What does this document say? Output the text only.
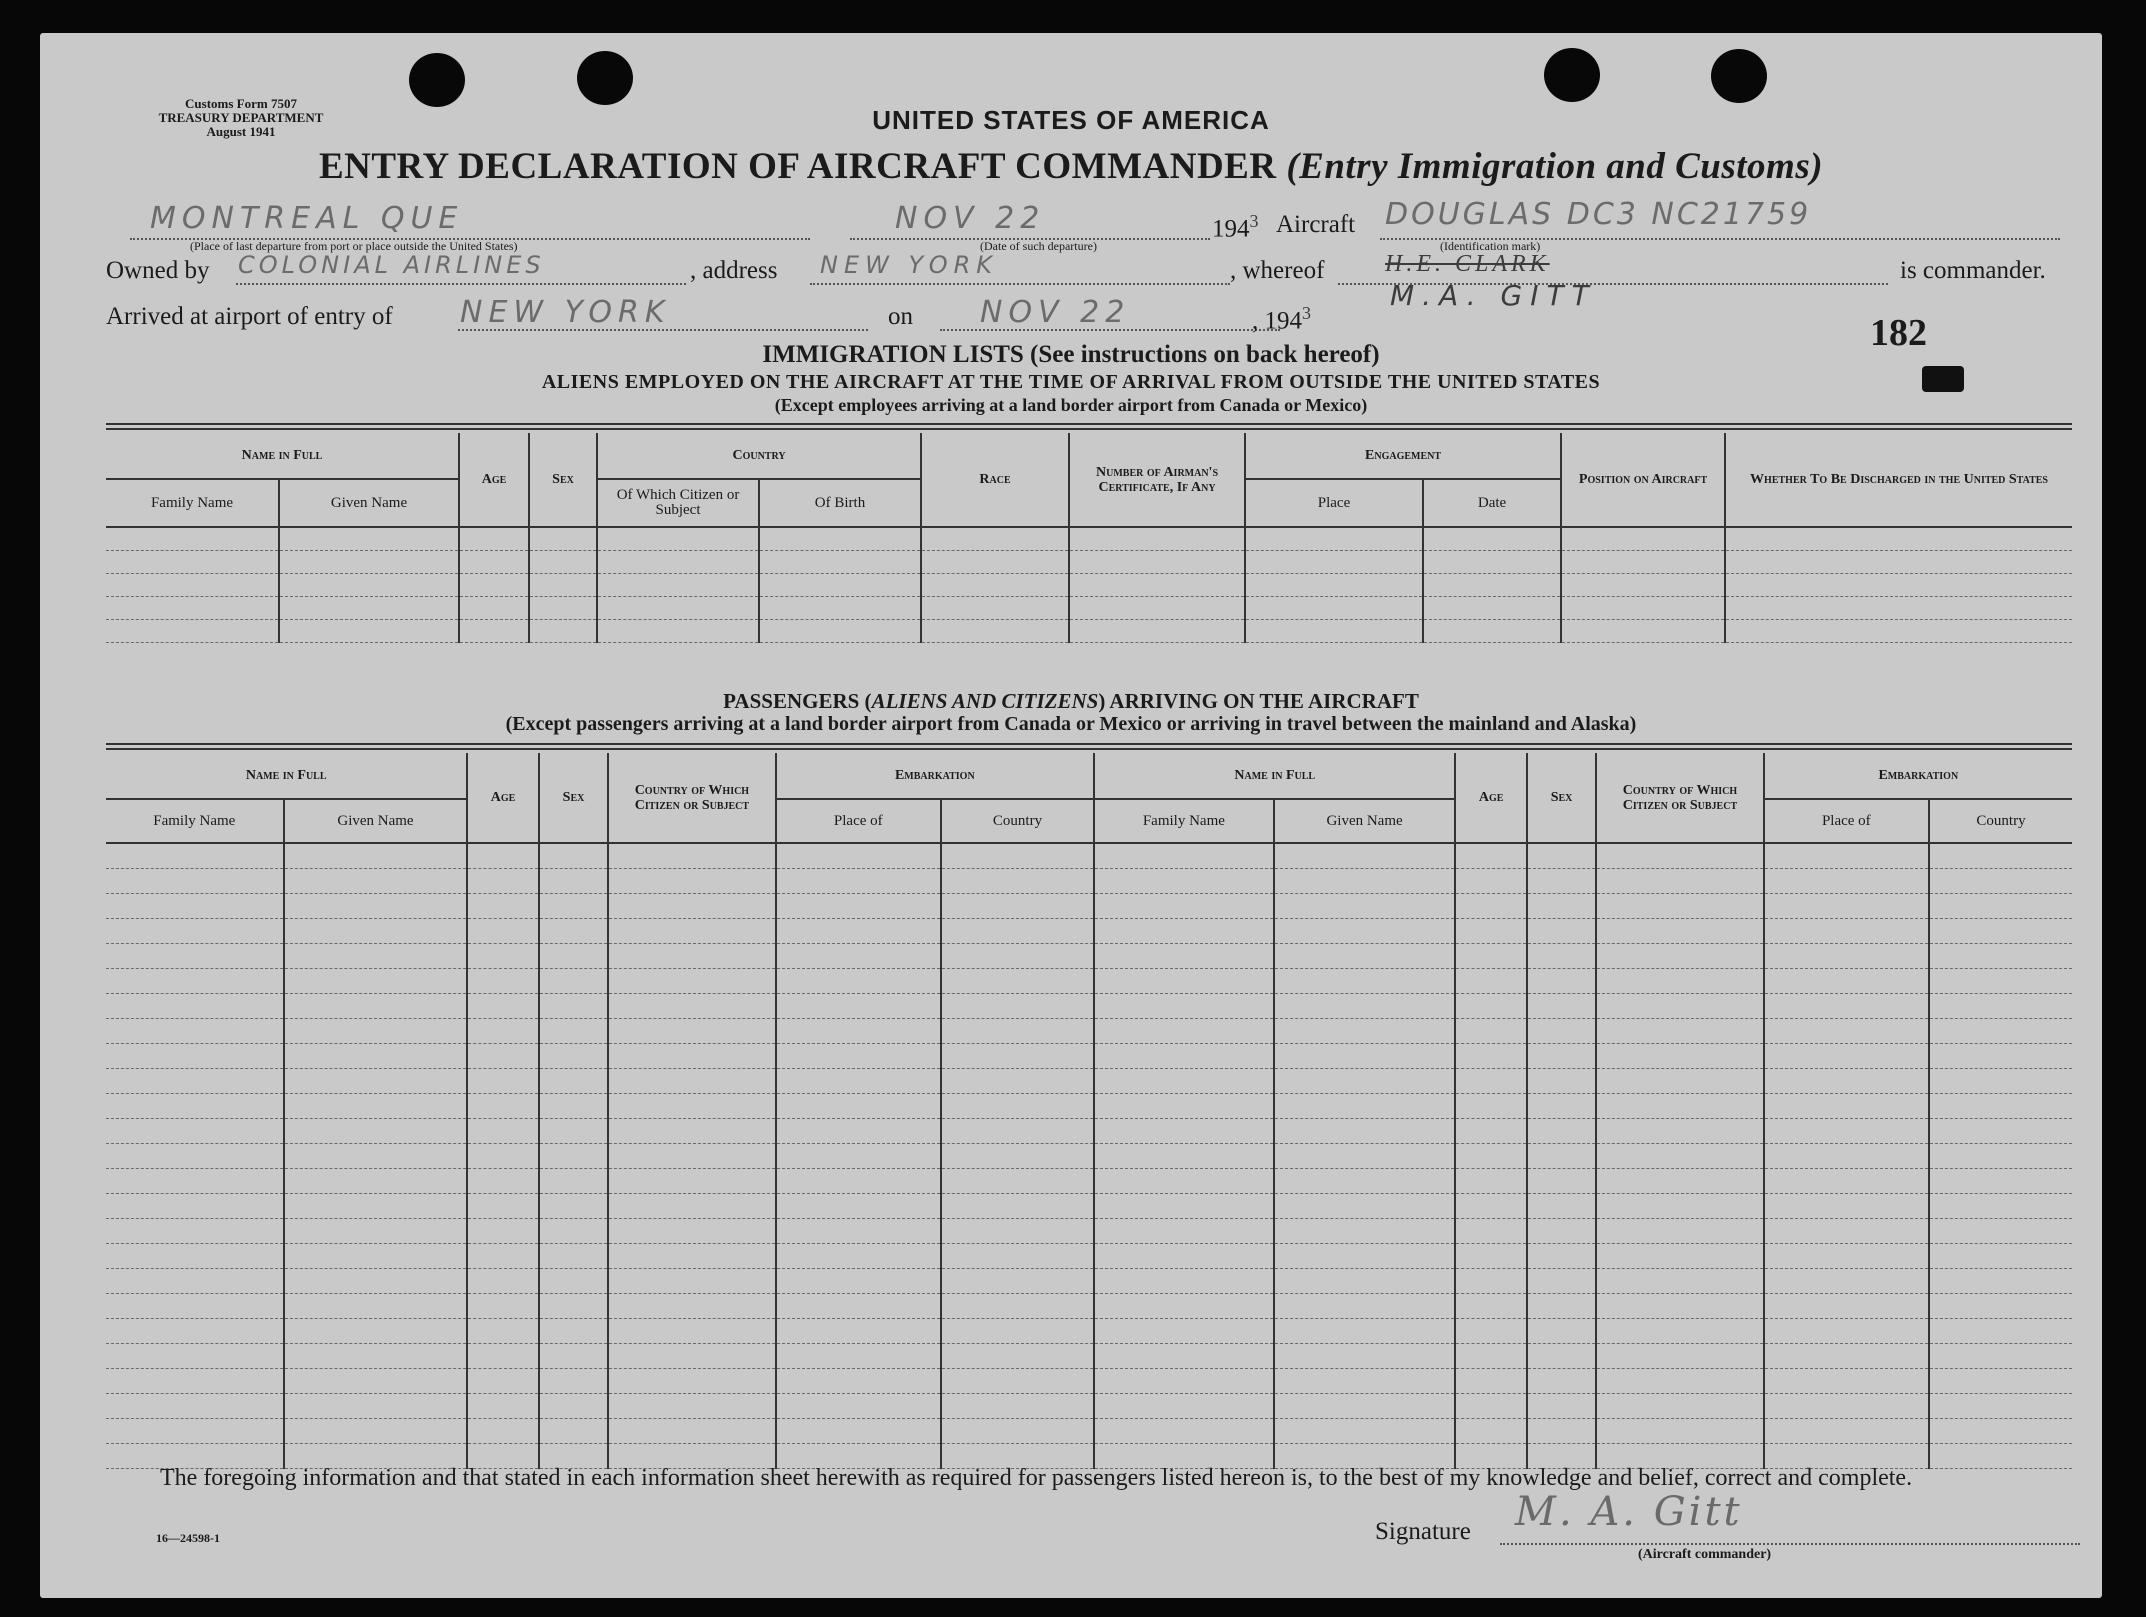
Customs Form 7507
TREASURY DEPARTMENT
August 1941	UNITED STATES OF AMERICA
ENTRY DECLARATION OF AIRCRAFT COMMANDER (Entry Immigration and Customs)
MONTREAL QUE
(Place of last departure from port or place outside the United States)
NOV 22
(Date of such departure)
$194^3$ Aircraft DOUGLAS DC3 NC21759
(Identification mark)
Owned by COLONIAL AIRLINES	, address NEW YORK	, whereof	H.E. CLARK	is commander.
M.A. GITT
Arrived at airport of entry of NEW YORK	on NOV 22	, $194^3$	182
IMMIGRATION LISTS (See instructions on back hereof)
ALIENS EMPLOYED ON THE AIRCRAFT AT THE TIME OF ARRIVAL FROM OUTSIDE THE UNITED STATES
(Except employees arriving at a land border airport from Canada or Mexico)
Name in Full		Age	Sex	Country		Race	Number of Airman's Certificate, If Any	Engagement		Position on Aircraft	Whether To Be Discharged in the United States
Family Name	Given Name			Of Which Citizen or Subject	Of Birth			Place	Date		

PASSENGERS (ALIENS AND CITIZENS) ARRIVING ON THE AIRCRAFT
(Except passengers arriving at a land border airport from Canada or Mexico or arriving in travel between the mainland and Alaska)
Name in Full		Age	Sex	Country of Which Citizen or Subject	Embarkation		Name in Full		Age	Sex	Country of Which Citizen or Subject	Embarkation	
Family Name	Given Name				Place of	Country	Family Name	Given Name				Place of	Country

The foregoing information and that stated in each information sheet herewith as required for passengers listed hereon is, to the best of my knowledge and belief, correct and complete.
16—24598-1	Signature M. A. Gitt
(Aircraft commander)
